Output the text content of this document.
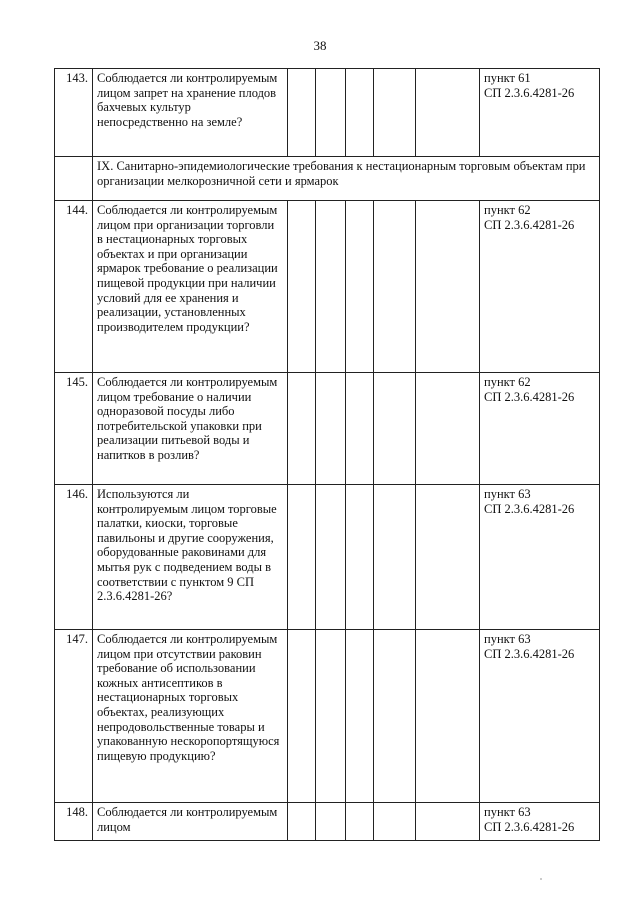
38
143.	Соблюдается ли контролируемым лицом запрет на хранение плодов бахчевых культур непосредственно на земле?						пункт 61
СП 2.3.6.4281-26

	IX. Санитарно-эпидемиологические требования к нестационарным торговым объектам при организации мелкорозничной сети и ярмарок						
144.	Соблюдается ли контролируемым лицом при организации торговли в нестационарных торговых объектах и при организации ярмарок требование о реализации пищевой продукции при наличии условий для ее хранения и реализации, установленных производителем продукции?						пункт 62
СП 2.3.6.4281-26

145.	Соблюдается ли контролируемым лицом требование о наличии одноразовой посуды либо потребительской упаковки при реализации питьевой воды и напитков в розлив?						пункт 62
СП 2.3.6.4281-26

146.	Используются ли контролируемым лицом торговые палатки, киоски, торговые павильоны и другие сооружения, оборудованные раковинами для мытья рук с подведением воды в соответствии с пунктом 9 СП 2.3.6.4281-26?						пункт 63
СП 2.3.6.4281-26

147.	Соблюдается ли контролируемым лицом при отсутствии раковин требование об использовании кожных антисептиков в нестационарных торговых объектах, реализующих непродовольственные товары и упакованную нескоропортящуюся пищевую продукцию?						пункт 63
СП 2.3.6.4281-26

148.	Соблюдается ли контролируемым лицом						пункт 63
СП 2.3.6.4281-26
